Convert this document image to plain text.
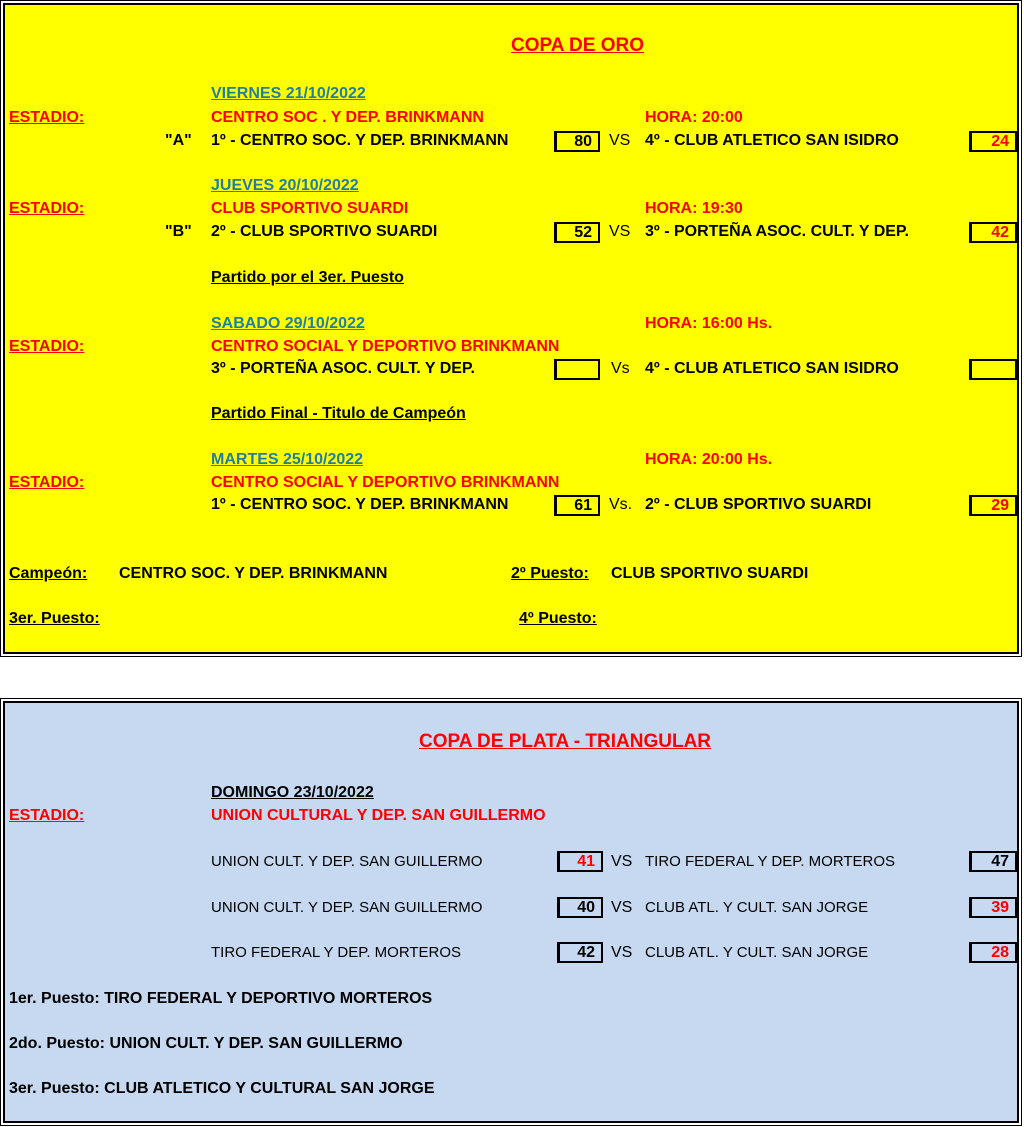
COPA DE ORO
VIERNES 21/10/2022
ESTADIO:	CENTRO SOC . Y DEP. BRINKMANN	HORA: 20:00
"A" 1º - CENTRO SOC. Y DEP. BRINKMANN	80	VS 4º - CLUB ATLETICO SAN ISIDRO	24
JUEVES 20/10/2022
ESTADIO:	CLUB SPORTIVO SUARDI	HORA: 19:30
"B" 2º - CLUB SPORTIVO SUARDI	52	VS 3º - PORTEÑA ASOC. CULT. Y DEP.	42
Partido por el 3er. Puesto
SABADO 29/10/2022	HORA: 16:00 Hs.
ESTADIO:	CENTRO SOCIAL Y DEPORTIVO BRINKMANN
3º - PORTEÑA ASOC. CULT. Y DEP.	Vs 4º - CLUB ATLETICO SAN ISIDRO
Partido Final - Titulo de Campeón
MARTES 25/10/2022	HORA: 20:00 Hs.
ESTADIO:	CENTRO SOCIAL Y DEPORTIVO BRINKMANN
1º - CENTRO SOC. Y DEP. BRINKMANN	61	Vs. 2º - CLUB SPORTIVO SUARDI	29
Campeón: CENTRO SOC. Y DEP. BRINKMANN	2º Puesto: CLUB SPORTIVO SUARDI
3er. Puesto:	4º Puesto:
COPA DE PLATA - TRIANGULAR
DOMINGO 23/10/2022
ESTADIO:	UNION CULTURAL Y DEP. SAN GUILLERMO
UNION CULT. Y DEP. SAN GUILLERMO	41	VS TIRO FEDERAL Y DEP. MORTEROS	47
UNION CULT. Y DEP. SAN GUILLERMO	40	VS CLUB ATL. Y CULT. SAN JORGE	39
TIRO FEDERAL Y DEP. MORTEROS	42	VS CLUB ATL. Y CULT. SAN JORGE	28
1er. Puesto: TIRO FEDERAL Y DEPORTIVO MORTEROS
2do. Puesto: UNION CULT. Y DEP. SAN GUILLERMO
3er. Puesto: CLUB ATLETICO Y CULTURAL SAN JORGE
